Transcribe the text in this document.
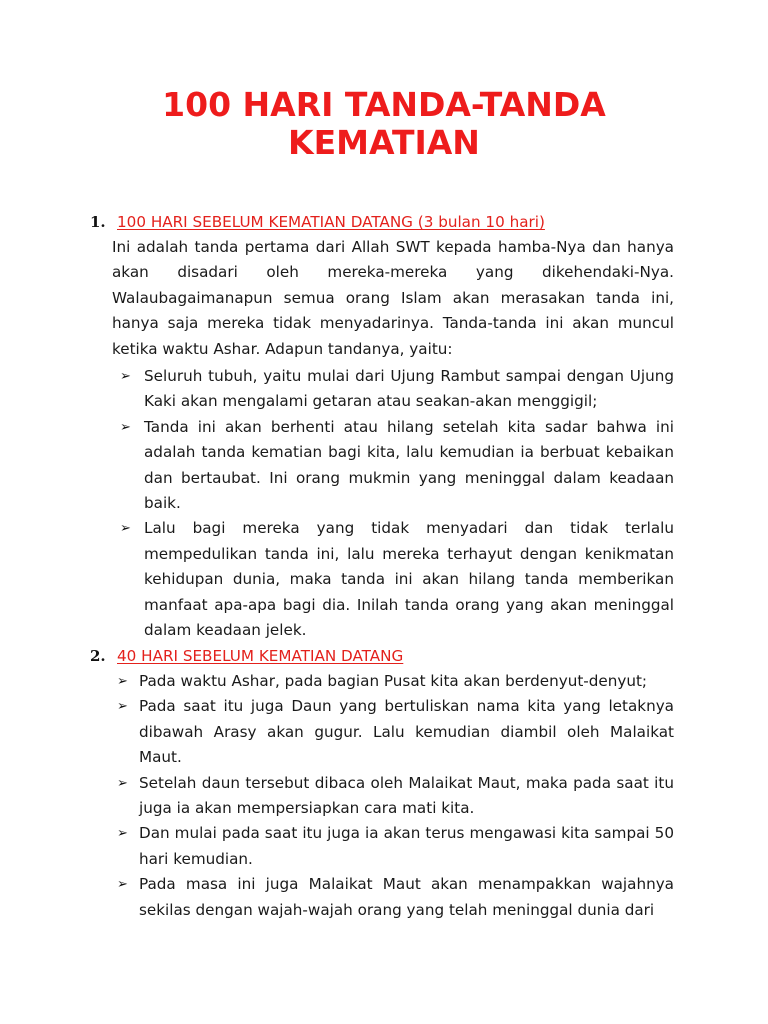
100 HARI TANDA-TANDA KEMATIAN
1. 100 HARI SEBELUM KEMATIAN DATANG (3 bulan 10 hari)

Ini adalah tanda pertama dari Allah SWT kepada hamba-Nya dan hanya akan disadari oleh mereka-mereka yang dikehendaki-Nya. Walaubagaimanapun semua orang Islam akan merasakan tanda ini, hanya saja mereka tidak menyadarinya. Tanda-tanda ini akan muncul ketika waktu Ashar. Adapun tandanya, yaitu:

➢ Seluruh tubuh, yaitu mulai dari Ujung Rambut sampai dengan Ujung Kaki akan mengalami getaran atau seakan-akan menggigil;
➢ Tanda ini akan berhenti atau hilang setelah kita sadar bahwa ini adalah tanda kematian bagi kita, lalu kemudian ia berbuat kebaikan dan bertaubat. Ini orang mukmin yang meninggal dalam keadaan baik.
➢ Lalu bagi mereka yang tidak menyadari dan tidak terlalu mempedulikan tanda ini, lalu mereka terhayut dengan kenikmatan kehidupan dunia, maka tanda ini akan hilang tanda memberikan manfaat apa-apa bagi dia. Inilah tanda orang yang akan meninggal dalam keadaan jelek.
2. 40 HARI SEBELUM KEMATIAN DATANG
➢ Pada waktu Ashar, pada bagian Pusat kita akan berdenyut-denyut;
➢ Pada saat itu juga Daun yang bertuliskan nama kita yang letaknya dibawah Arasy akan gugur. Lalu kemudian diambil oleh Malaikat Maut.
➢ Setelah daun tersebut dibaca oleh Malaikat Maut, maka pada saat itu juga ia akan mempersiapkan cara mati kita.
➢ Dan mulai pada saat itu juga ia akan terus mengawasi kita sampai 50 hari kemudian.
➢ Pada masa ini juga Malaikat Maut akan menampakkan wajahnya sekilas dengan wajah-wajah orang yang telah meninggal dunia dari
